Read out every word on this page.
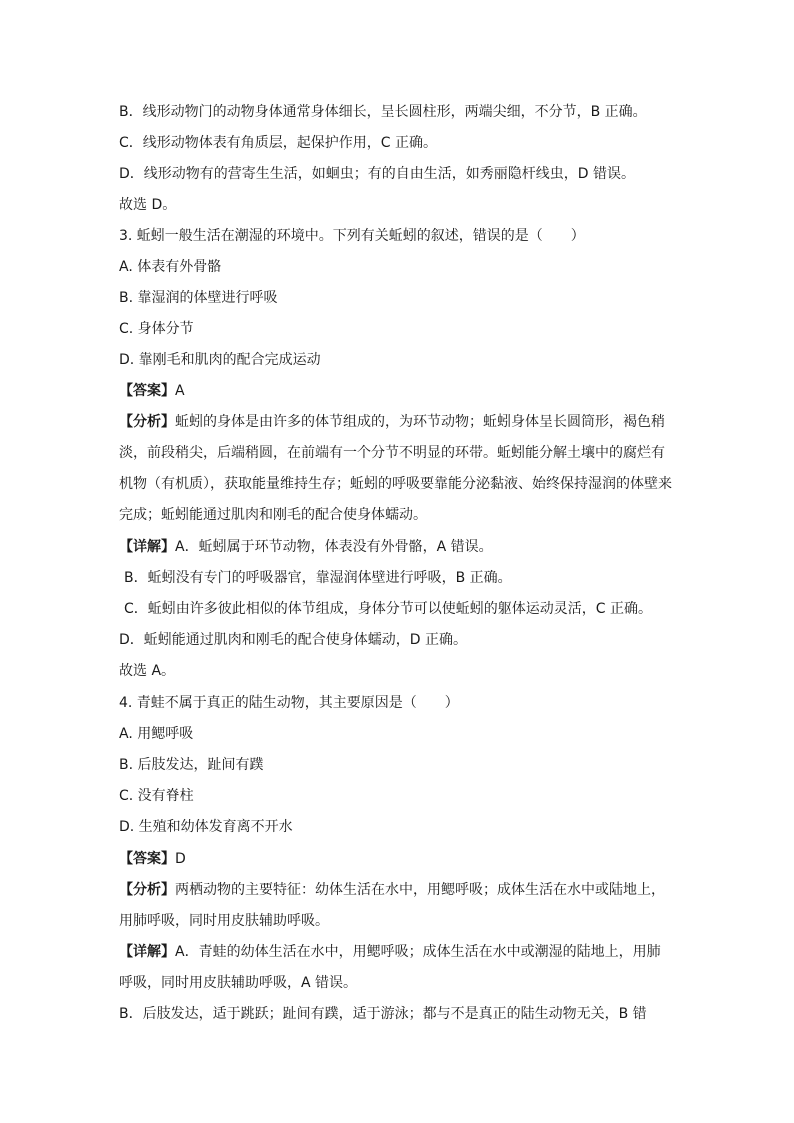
B．线形动物门的动物身体通常身体细长，呈长圆柱形，两端尖细，不分节，B 正确。
C．线形动物体表有角质层，起保护作用，C 正确。
D．线形动物有的营寄生生活，如蛔虫；有的自由生活，如秀丽隐杆线虫，D 错误。
故选 D。
3. 蚯蚓一般生活在潮湿的环境中。下列有关蚯蚓的叙述，错误的是（　　）
A. 体表有外骨骼
B. 靠湿润的体壁进行呼吸
C. 身体分节
D. 靠刚毛和肌肉的配合完成运动
【答案】A
【分析】蚯蚓的身体是由许多的体节组成的，为环节动物；蚯蚓身体呈长圆筒形，褐色稍
淡，前段稍尖，后端稍圆，在前端有一个分节不明显的环带。蚯蚓能分解土壤中的腐烂有
机物（有机质），获取能量维持生存；蚯蚓的呼吸要靠能分泌黏液、始终保持湿润的体壁来
完成；蚯蚓能通过肌肉和刚毛的配合使身体蠕动。
【详解】A．蚯蚓属于环节动物，体表没有外骨骼，A 错误。
B．蚯蚓没有专门的呼吸器官，靠湿润体壁进行呼吸，B 正确。
C．蚯蚓由许多彼此相似的体节组成，身体分节可以使蚯蚓的躯体运动灵活，C 正确。
D．蚯蚓能通过肌肉和刚毛的配合使身体蠕动，D 正确。
故选 A。
4. 青蛙不属于真正的陆生动物，其主要原因是（　　）
A. 用鳃呼吸
B. 后肢发达，趾间有蹼
C. 没有脊柱
D. 生殖和幼体发育离不开水
【答案】D
【分析】两栖动物的主要特征：幼体生活在水中，用鳃呼吸；成体生活在水中或陆地上，
用肺呼吸，同时用皮肤辅助呼吸。
【详解】A．青蛙的幼体生活在水中，用鳃呼吸；成体生活在水中或潮湿的陆地上，用肺
呼吸，同时用皮肤辅助呼吸，A 错误。
B．后肢发达，适于跳跃；趾间有蹼，适于游泳；都与不是真正的陆生动物无关，B 错
